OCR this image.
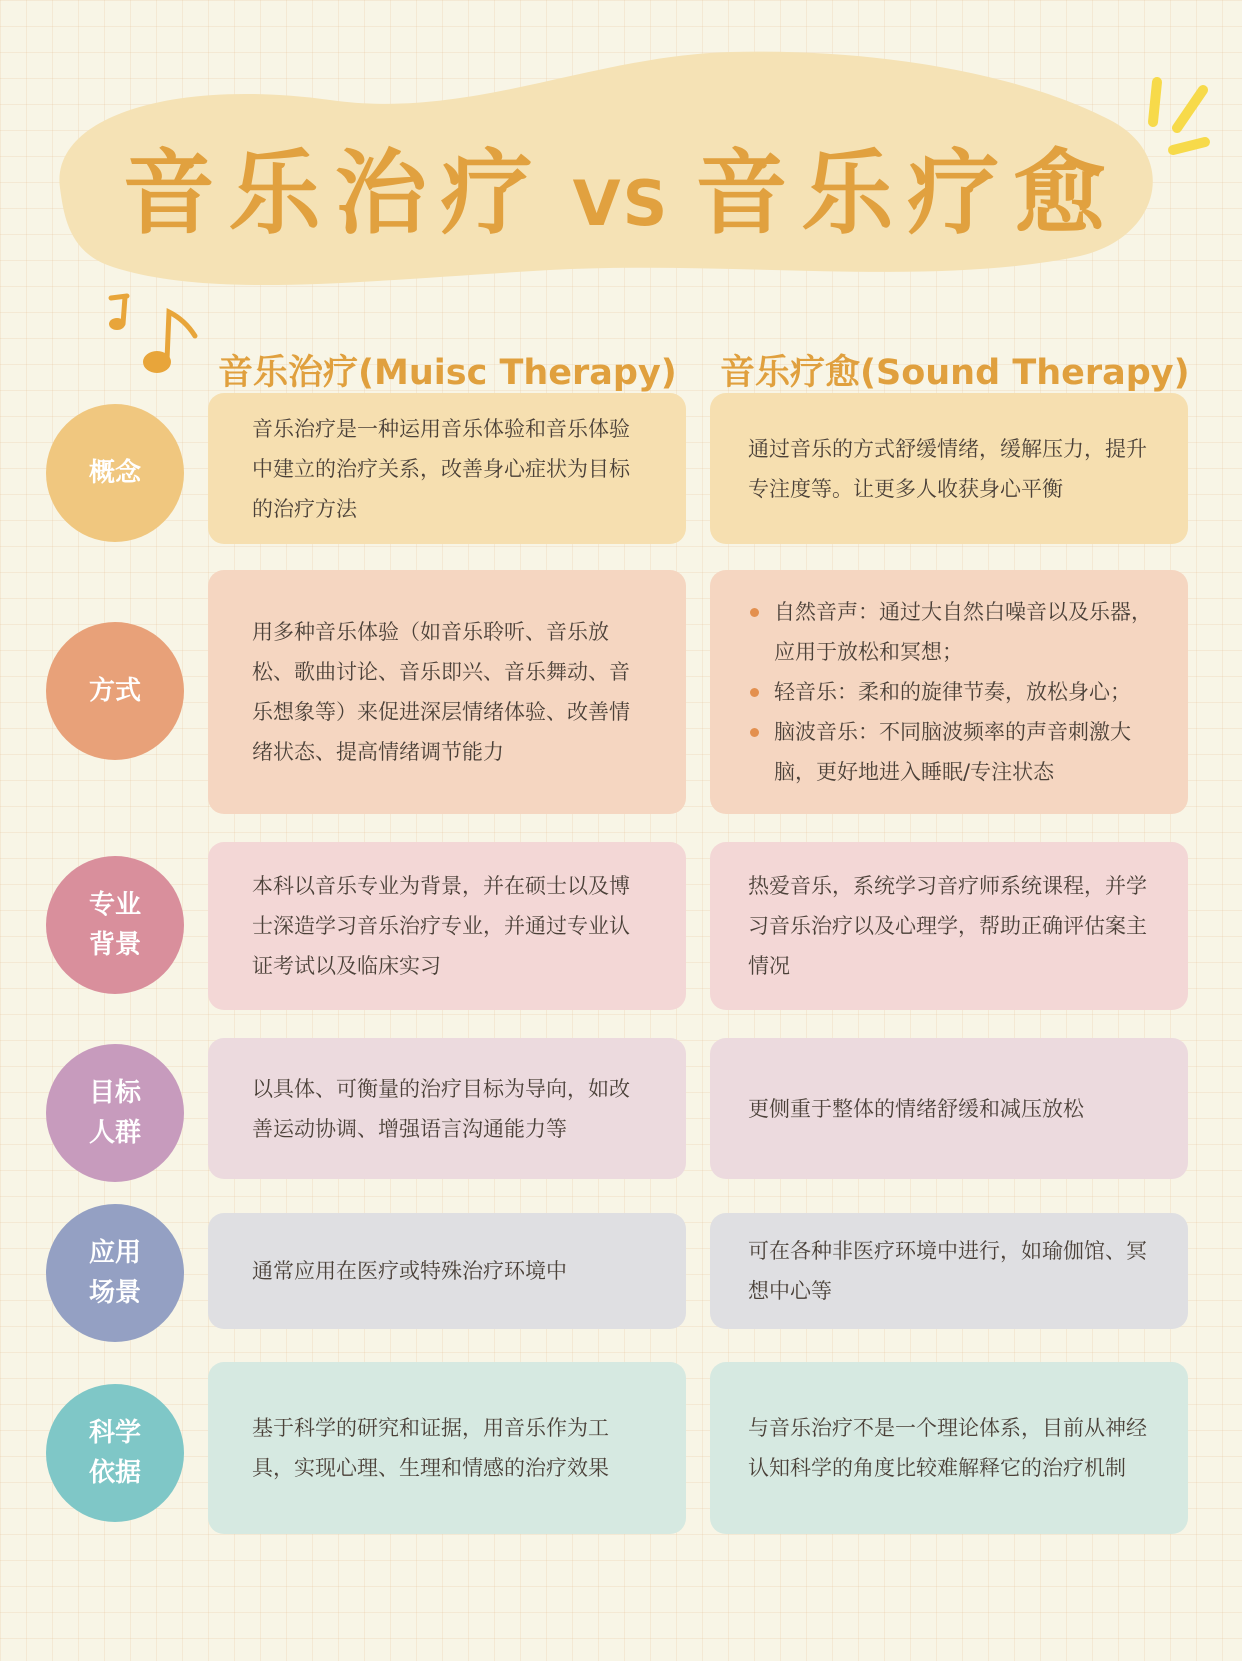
音乐治疗 VS 音乐疗愈
音乐治疗(Muisc Therapy) 音乐疗愈(Sound Therapy)
概念
音乐治疗是一种运用音乐体验和音乐体验中建立的治疗关系，改善身心症状为目标的治疗方法
通过音乐的方式舒缓情绪，缓解压力，提升专注度等。让更多人收获身心平衡
方式
用多种音乐体验（如音乐聆听、音乐放松、歌曲讨论、音乐即兴、音乐舞动、音乐想象等）来促进深层情绪体验、改善情绪状态、提高情绪调节能力
自然音声：通过大自然白噪音以及乐器，应用于放松和冥想；
轻音乐：柔和的旋律节奏，放松身心；
脑波音乐：不同脑波频率的声音刺激大脑，更好地进入睡眠/专注状态
专业
背景
本科以音乐专业为背景，并在硕士以及博士深造学习音乐治疗专业，并通过专业认证考试以及临床实习
热爱音乐，系统学习音疗师系统课程，并学习音乐治疗以及心理学，帮助正确评估案主情况
目标
人群
以具体、可衡量的治疗目标为导向，如改善运动协调、增强语言沟通能力等
更侧重于整体的情绪舒缓和减压放松
应用
场景
通常应用在医疗或特殊治疗环境中
可在各种非医疗环境中进行，如瑜伽馆、冥想中心等
科学
依据
基于科学的研究和证据，用音乐作为工具，实现心理、生理和情感的治疗效果
与音乐治疗不是一个理论体系，目前从神经认知科学的角度比较难解释它的治疗机制
